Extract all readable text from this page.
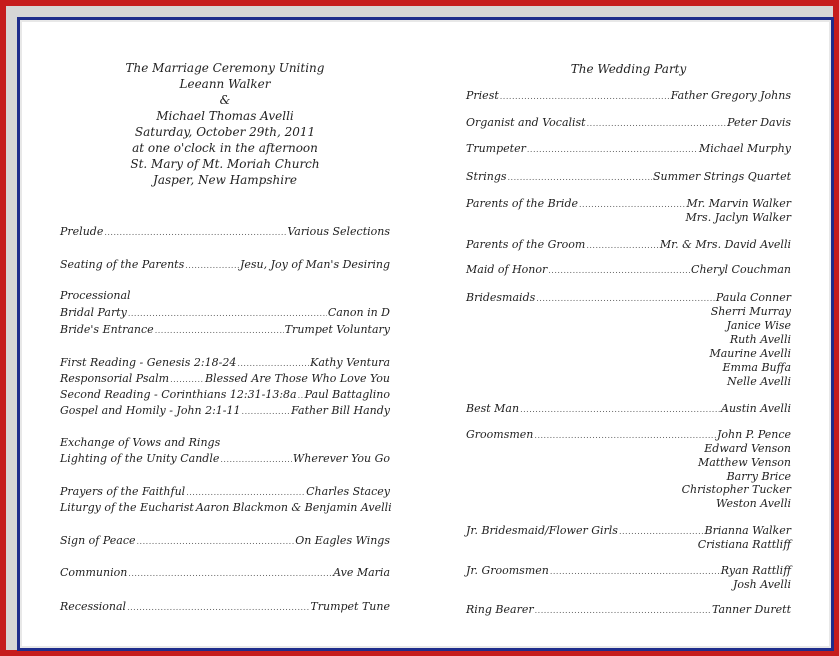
The Marriage Ceremony Uniting
Leeann Walker
&
Michael Thomas Avelli
Saturday, October 29th, 2011
at one o'clock in the afternoon
St. Mary of Mt. Moriah Church
Jasper, New Hampshire
Prelude .....	Various Selections
Seating of the Parents .....	Jesu, Joy of Man's Desiring
Processional
Bridal Party .....	Canon in D
Bride's Entrance .....	Trumpet Voluntary
First Reading - Genesis 2:18-24 .....	Kathy Ventura
Responsorial Psalm .....	Blessed Are Those Who Love You
Second Reading - Corinthians 12:31-13:8a ..... Paul Battaglino
Gospel and Homily - John 2:1-11 .....	Father Bill Handy
Exchange of Vows and Rings
Lighting of the Unity Candle .....	Wherever You Go
Prayers of the Faithful .....	Charles Stacey
Liturgy of the Eucharist Aaron Blackmon & Benjamin Avelli
Sign of Peace .....	On Eagles Wings
Communion .....	Ave Maria
Recessional .....	Trumpet Tune
The Wedding Party
Priest .....	Father Gregory Johns
Organist and Vocalist .....	Peter Davis
Trumpeter .....	Michael Murphy
Strings .....	Summer Strings Quartet
Parents of the Bride .....	Mr. Marvin Walker
Mrs. Jaclyn Walker
Parents of the Groom .....	Mr. & Mrs. David Avelli
Maid of Honor .....	Cheryl Couchman
Bridesmaids .....	Paula Conner
Sherri Murray
Janice Wise
Ruth Avelli
Maurine Avelli
Emma Buffa
Nelle Avelli
Best Man .....	Austin Avelli
Groomsmen .....	John P. Pence
Edward Venson
Matthew Venson
Barry Brice
Christopher Tucker
Weston Avelli
Jr. Bridesmaid/Flower Girls .....	Brianna Walker
Cristiana Rattliff
Jr. Groomsmen .....	Ryan Rattliff
Josh Avelli
Ring Bearer .....	Tanner Durett
